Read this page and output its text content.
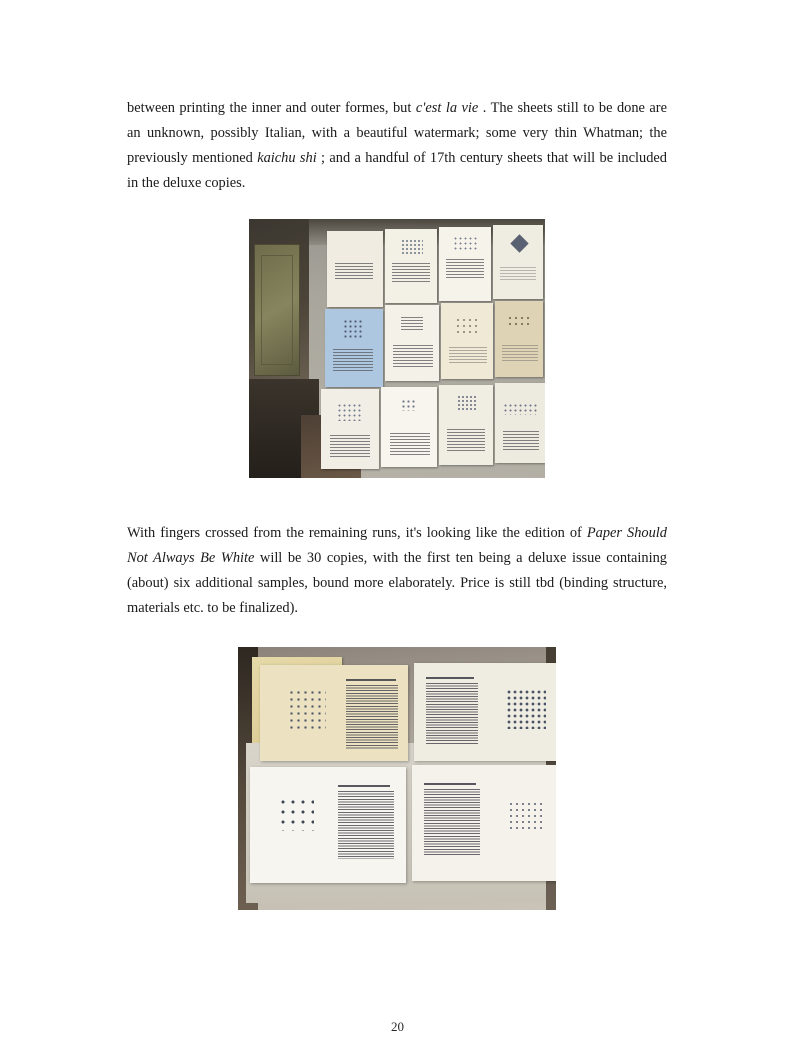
between printing the inner and outer formes, but c'est la vie . The sheets still to be done are an unknown, possibly Italian, with a beautiful watermark; some very thin Whatman; the previously mentioned kaichu shi ; and a handful of 17th century sheets that will be included in the deluxe copies.

With fingers crossed from the remaining runs, it's looking like the edition of Paper Should Not Always Be White will be 30 copies, with the first ten being a deluxe issue containing (about) six additional samples, bound more elaborately. Price is still tbd (binding structure, materials etc. to be finalized).

20
